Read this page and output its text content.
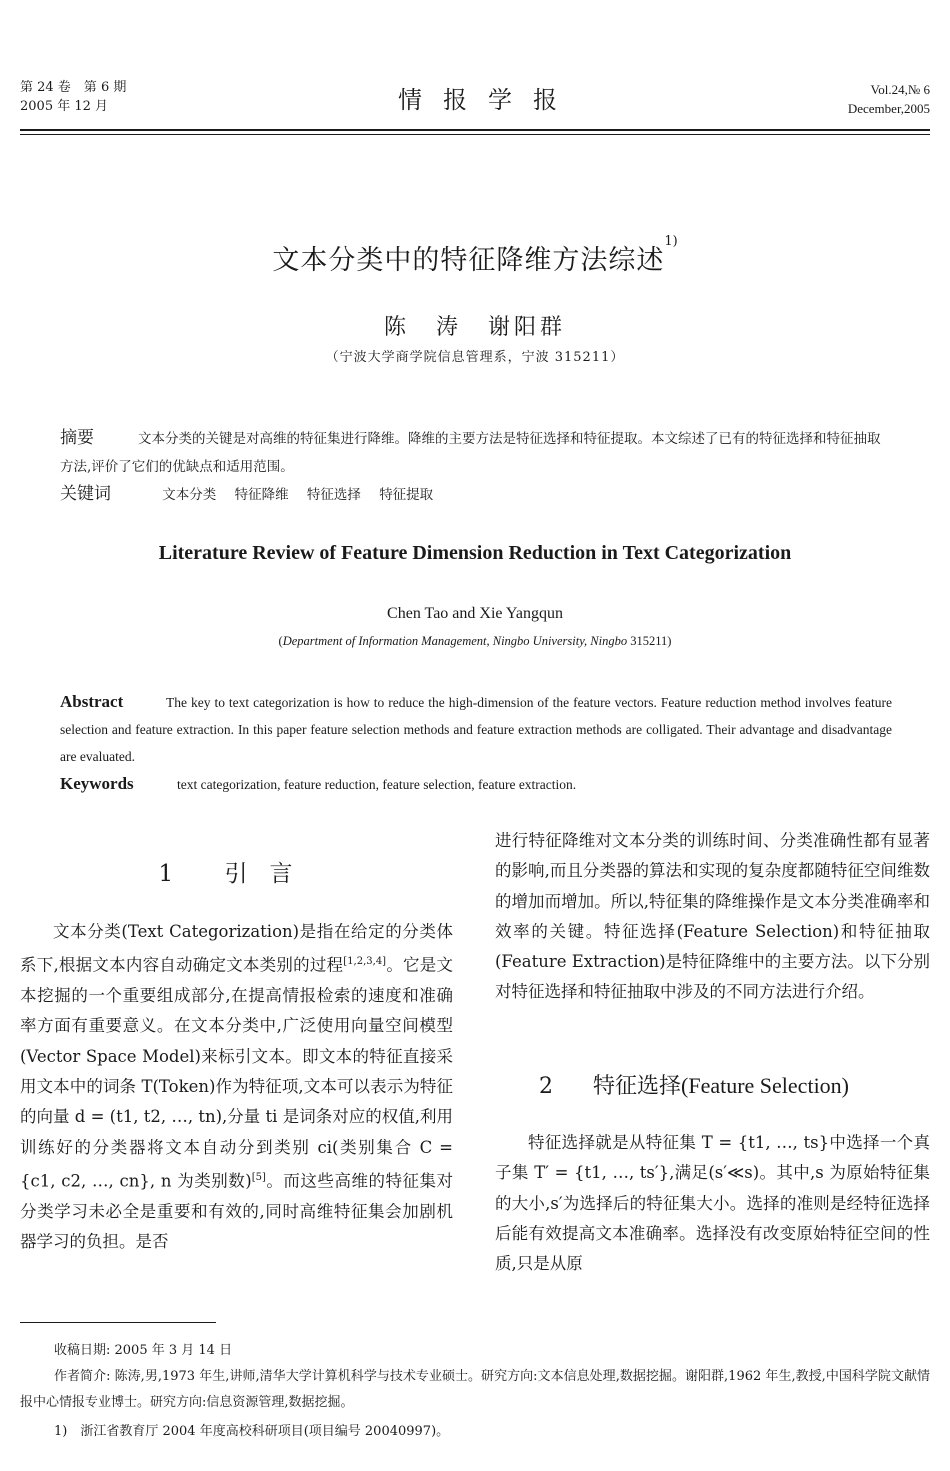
第 24 卷　第 6 期
2005 年 12 月	情报学报	Vol.24,№ 6
December,2005
文本分类中的特征降维方法综述$^{1)}$
陈　涛　谢阳群
（宁波大学商学院信息管理系，宁波 315211）
摘要	文本分类的关键是对高维的特征集进行降维。降维的主要方法是特征选择和特征提取。本文综述了已有的特征选择和特征抽取方法,评价了它们的优缺点和适用范围。
关键词	文本分类 特征降维 特征选择 特征提取
Literature Review of Feature Dimension Reduction in Text Categorization
Chen Tao and Xie Yangqun
(Department of Information Management, Ningbo University, Ningbo 315211)
Abstract	The key to text categorization is how to reduce the high-dimension of the feature vectors. Feature reduction method involves feature selection and feature extraction. In this paper feature selection methods and feature extraction methods are colligated. Their advantage and disadvantage are evaluated.
Keywords	text categorization, feature reduction, feature selection, feature extraction.
1 引言

文本分类(Text Categorization)是指在给定的分类体系下,根据文本内容自动确定文本类别的过程[1,2,3,4]。它是文本挖掘的一个重要组成部分,在提高情报检索的速度和准确率方面有重要意义。在文本分类中,广泛使用向量空间模型(Vector Space Model)来标引文本。即文本的特征直接采用文本中的词条 T(Token)作为特征项,文本可以表示为特征的向量 d = (t1, t2, …, tn),分量 ti 是词条对应的权值,利用训练好的分类器将文本自动分到类别 ci(类别集合 C = {c1, c2, …, cn}, n 为类别数)[5]。而这些高维的特征集对分类学习未必全是重要和有效的,同时高维特征集会加剧机器学习的负担。是否

进行特征降维对文本分类的训练时间、分类准确性都有显著的影响,而且分类器的算法和实现的复杂度都随特征空间维数的增加而增加。所以,特征集的降维操作是文本分类准确率和效率的关键。特征选择(Feature Selection)和特征抽取(Feature Extraction)是特征降维中的主要方法。以下分别对特征选择和特征抽取中涉及的不同方法进行介绍。

2 特征选择(Feature Selection)

特征选择就是从特征集 T = {t1, …, ts}中选择一个真子集 T′ = {t1, …, ts′},满足(s′≪s)。其中,s 为原始特征集的大小,s′为选择后的特征集大小。选择的准则是经特征选择后能有效提高文本准确率。选择没有改变原始特征空间的性质,只是从原

收稿日期: 2005 年 3 月 14 日
作者简介: 陈涛,男,1973 年生,讲师,清华大学计算机科学与技术专业硕士。研究方向:文本信息处理,数据挖掘。谢阳群,1962 年生,教授,中国科学院文献情报中心情报专业博士。研究方向:信息资源管理,数据挖掘。
1)　浙江省教育厅 2004 年度高校科研项目(项目编号 20040997)。
